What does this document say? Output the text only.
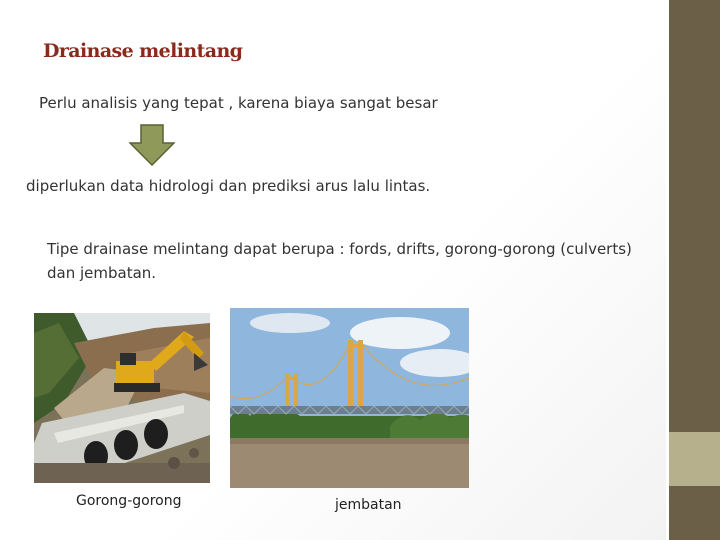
Drainase melintang
Perlu analisis yang tepat , karena biaya sangat besar
diperlukan data hidrologi dan prediksi arus lalu lintas.
Tipe drainase melintang dapat berupa : fords, drifts, gorong-gorong (culverts) dan jembatan.
Gorong-gorong	jembatan
